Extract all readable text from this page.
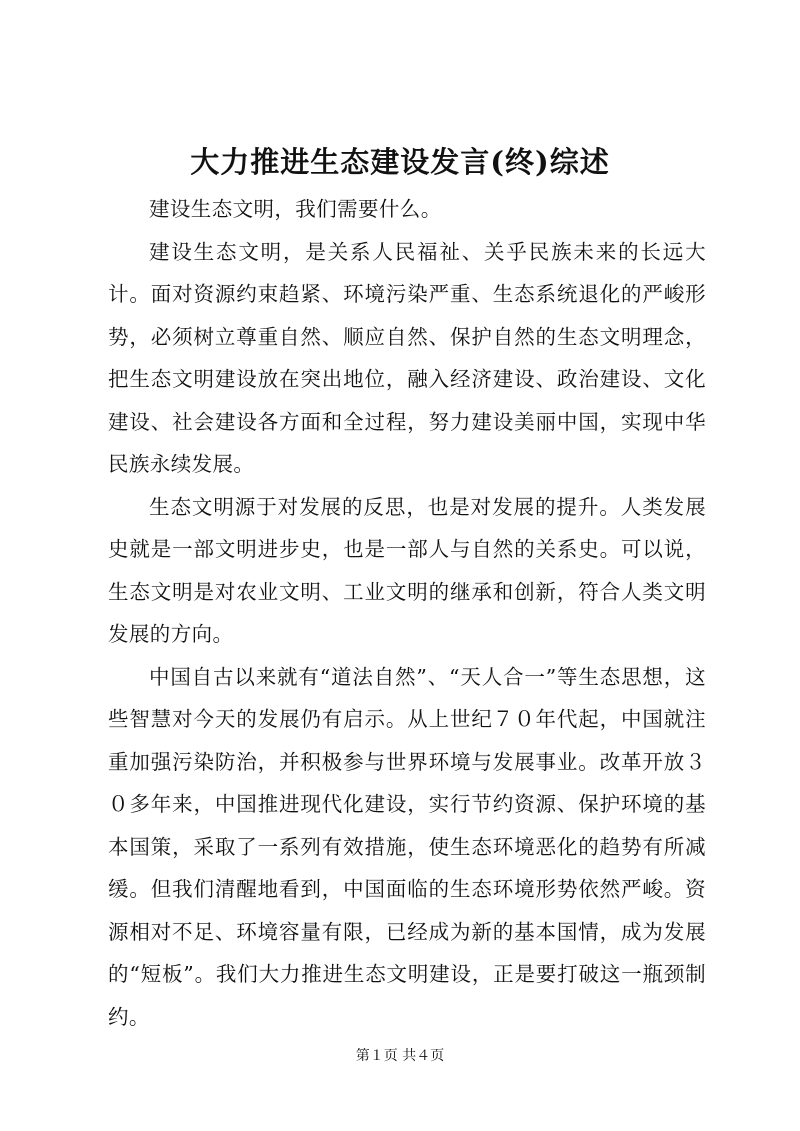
大力推进生态建设发言(终)综述

建设生态文明，我们需要什么。

建设生态文明，是关系人民福祉、关乎民族未来的长远大计。面对资源约束趋紧、环境污染严重、生态系统退化的严峻形势，必须树立尊重自然、顺应自然、保护自然的生态文明理念，把生态文明建设放在突出地位，融入经济建设、政治建设、文化建设、社会建设各方面和全过程，努力建设美丽中国，实现中华民族永续发展。

生态文明源于对发展的反思，也是对发展的提升。人类发展史就是一部文明进步史，也是一部人与自然的关系史。可以说，生态文明是对农业文明、工业文明的继承和创新，符合人类文明发展的方向。

中国自古以来就有“道法自然”、“天人合一”等生态思想，这些智慧对今天的发展仍有启示。从上世纪７０年代起，中国就注重加强污染防治，并积极参与世界环境与发展事业。改革开放３０多年来，中国推进现代化建设，实行节约资源、保护环境的基本国策，采取了一系列有效措施，使生态环境恶化的趋势有所减缓。但我们清醒地看到，中国面临的生态环境形势依然严峻。资源相对不足、环境容量有限，已经成为新的基本国情，成为发展的“短板”。我们大力推进生态文明建设，正是要打破这一瓶颈制约。

第１页 共４页
